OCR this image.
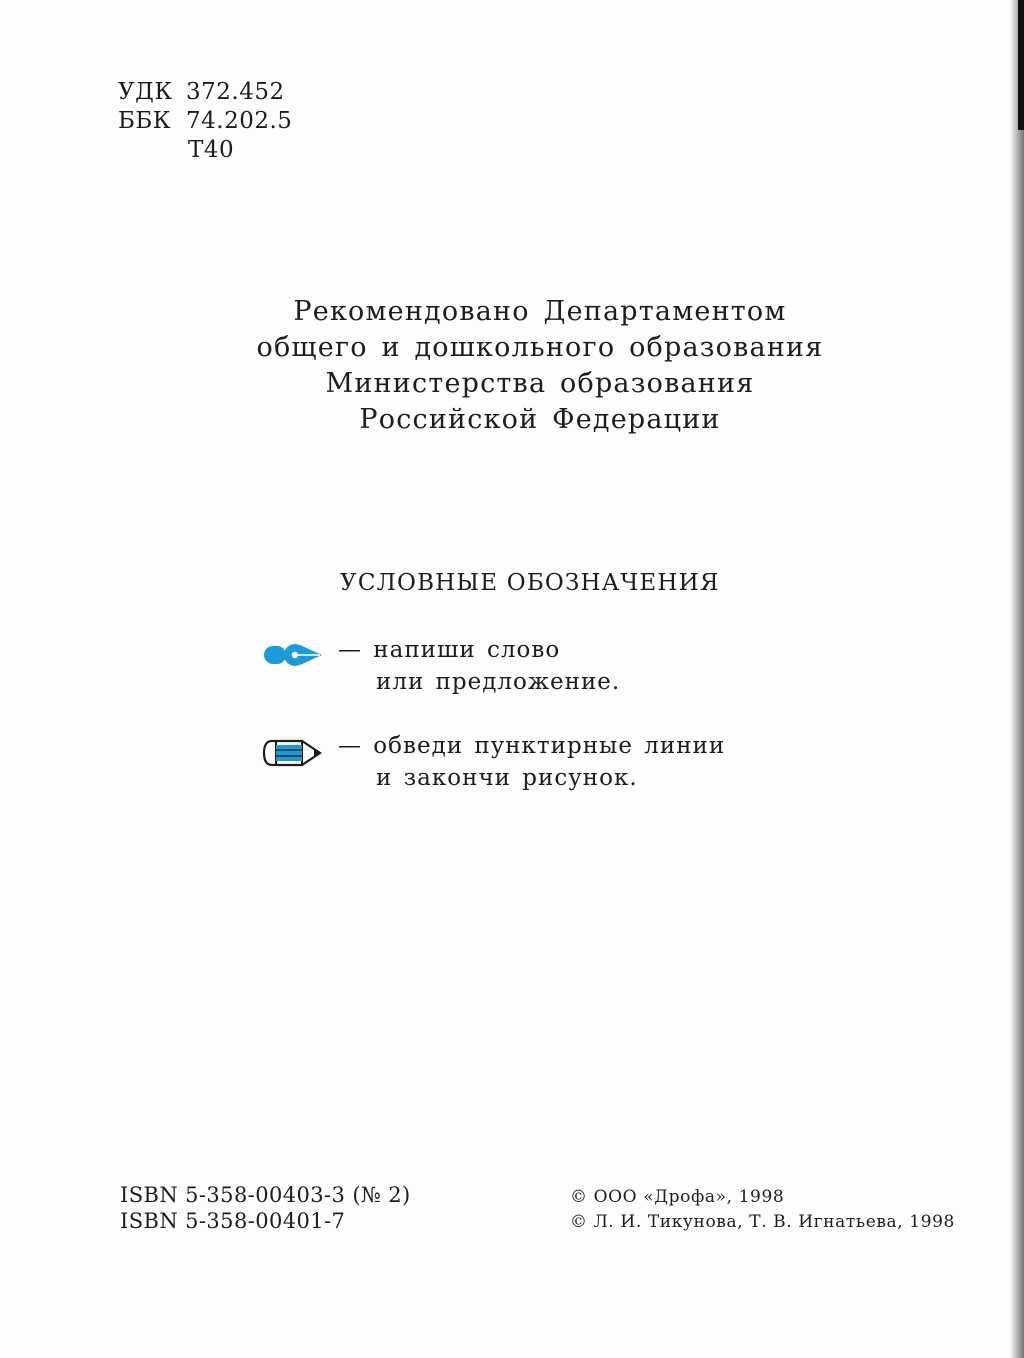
УДК 372.452
ББК 74.202.5
Т40
Рекомендовано Департаментом
общего и дошкольного образования
Министерства образования
Российской Федерации
УСЛОВНЫЕ ОБОЗНАЧЕНИЯ
— напиши слово
или предложение.
— обведи пунктирные линии
и закончи рисунок.
ISBN 5-358-00403-3 (№ 2)
ISBN 5-358-00401-7
© ООО «Дрофа», 1998
© Л. И. Тикунова, Т. В. Игнатьева, 1998
